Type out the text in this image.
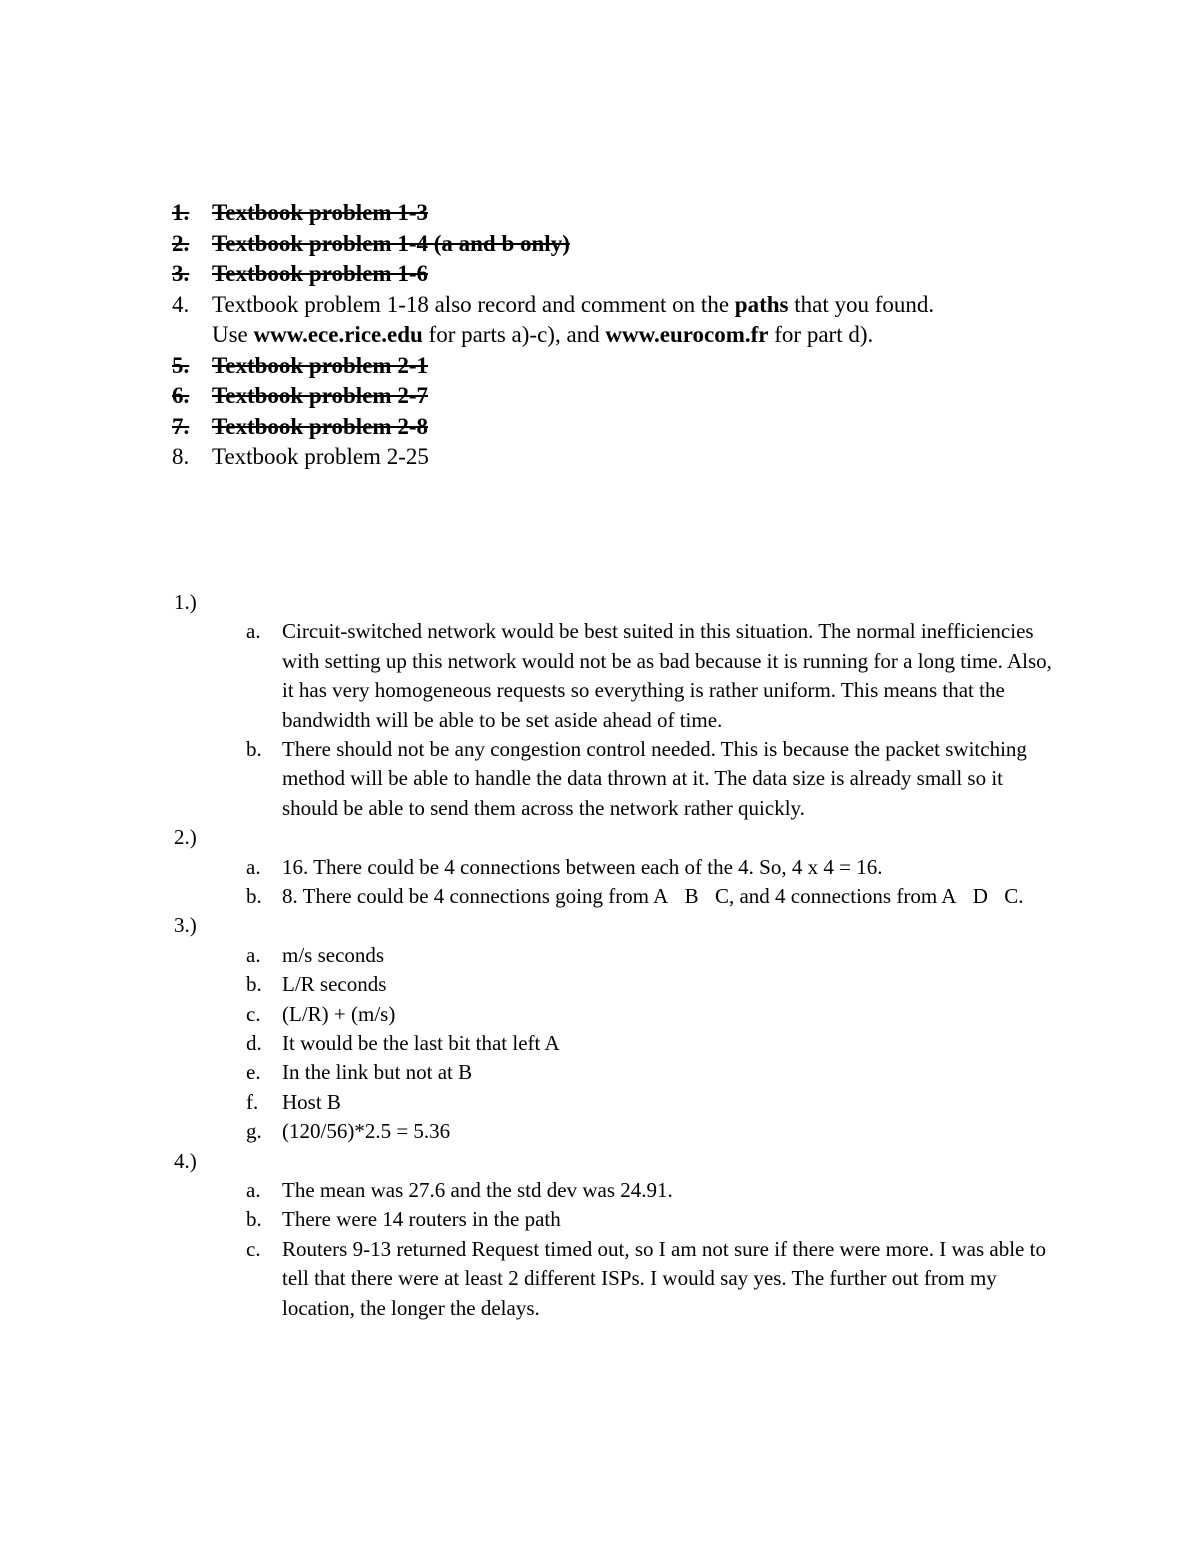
1. Textbook problem 1-3
2. Textbook problem 1-4 (a and b only)
3. Textbook problem 1-6
4. Textbook problem 1-18 also record and comment on the paths that you found.
Use www.ece.rice.edu for parts a)-c), and www.eurocom.fr for part d).
5. Textbook problem 2-1
6. Textbook problem 2-7
7. Textbook problem 2-8
8. Textbook problem 2-25
1.)
a.	Circuit-switched network would be best suited in this situation. The normal inefficiencies with setting up this network would not be as bad because it is running for a long time. Also, it has very homogeneous requests so everything is rather uniform. This means that the bandwidth will be able to be set aside ahead of time.
b. There should not be any congestion control needed. This is because the packet switching method will be able to handle the data thrown at it. The data size is already small so it should be able to send them across the network rather quickly.
2.)
a.	16. There could be 4 connections between each of the 4. So, 4 x 4 = 16.
b. 8. There could be 4 connections going from A B C, and 4 connections from A D C.
3.)
a.	m/s seconds
b. L/R seconds
c.	(L/R) + (m/s)
d. It would be the last bit that left A
e.	In the link but not at B
f.	Host B
g. (120/56)*2.5 = 5.36
4.)
a.	The mean was 27.6 and the std dev was 24.91.
b. There were 14 routers in the path
c.	Routers 9-13 returned Request timed out, so I am not sure if there were more. I was able to tell that there were at least 2 different ISPs. I would say yes. The further out from my location, the longer the delays.
